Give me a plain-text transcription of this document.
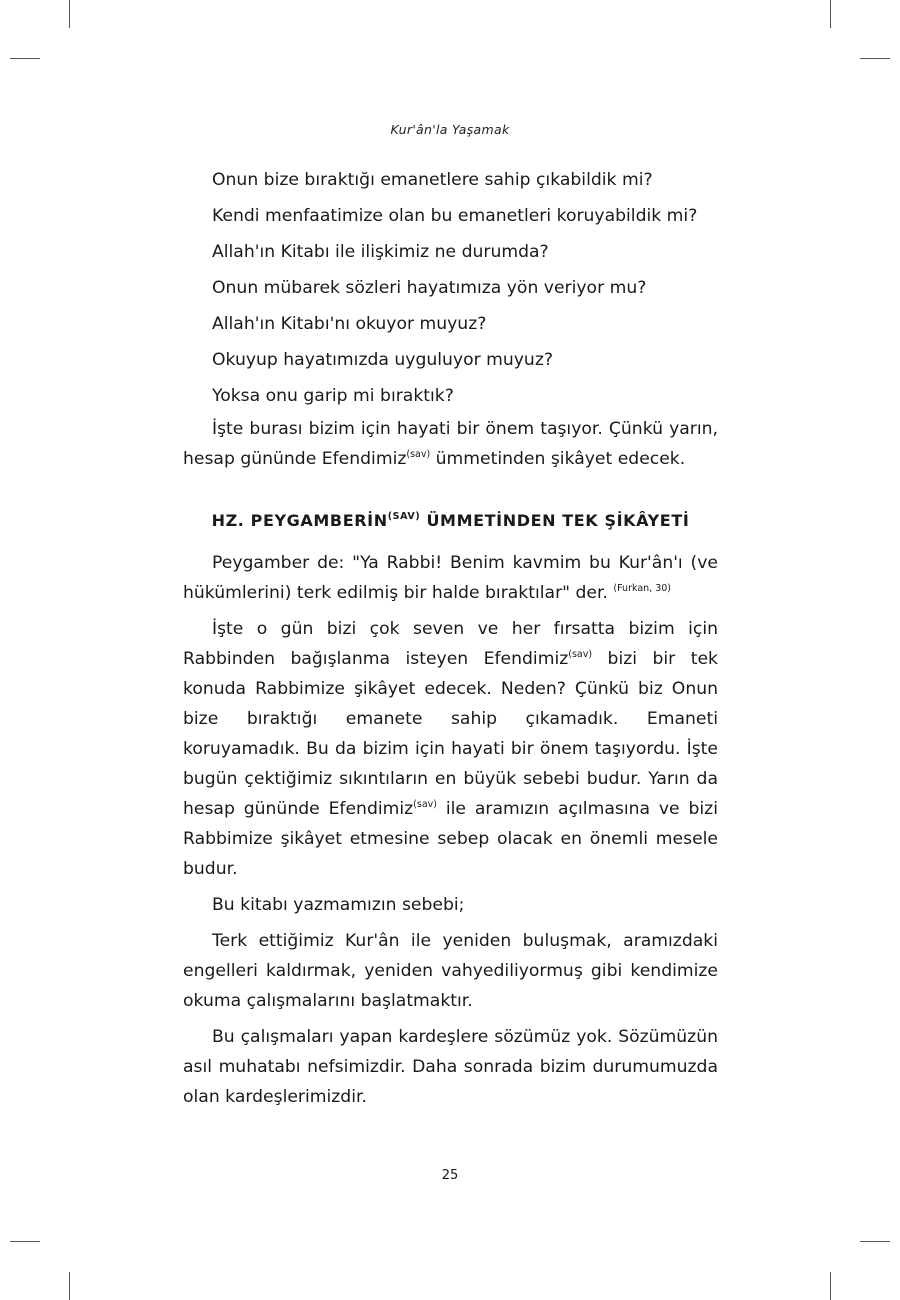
Kur'ân'la Yaşamak

Onun bize bıraktığı emanetlere sahip çıkabildik mi?

Kendi menfaatimize olan bu emanetleri koruyabildik mi?

Allah'ın Kitabı ile ilişkimiz ne durumda?

Onun mübarek sözleri hayatımıza yön veriyor mu?

Allah'ın Kitabı'nı okuyor muyuz?

Okuyup hayatımızda uyguluyor muyuz?

Yoksa onu garip mi bıraktık?

İşte burası bizim için hayati bir önem taşıyor. Çünkü yarın, hesap gününde Efendimiz$^{(sav)}$ ümmetinden şikâyet edecek.

HZ. $PEYGAMBERİN^{(SAV)}$ ÜMMETİNDEN TEK ŞİKÂYETİ

Peygamber de: "Ya Rabbi! Benim kavmim bu Kur'ân'ı (ve hükümlerini) terk edilmiş bir halde bıraktılar" der. $^{(Furkan, 30)}$

İşte o gün bizi çok seven ve her fırsatta bizim için Rabbinden bağışlanma isteyen Efendimiz$^{(sav)}$ bizi bir tek konuda Rabbimize şikâyet edecek. Neden? Çünkü biz Onun bize bıraktığı emanete sahip çıkamadık. Emaneti koruyamadık. Bu da bizim için hayati bir önem taşıyordu. İşte bugün çektiğimiz sıkıntıların en büyük sebebi budur. Yarın da hesap gününde Efendimiz$^{(sav)}$ ile aramızın açılmasına ve bizi Rabbimize şikâyet etmesine sebep olacak en önemli mesele budur.

Bu kitabı yazmamızın sebebi;

Terk ettiğimiz Kur'ân ile yeniden buluşmak, aramızdaki engelleri kaldırmak, yeniden vahyediliyormuş gibi kendimize okuma çalışmalarını başlatmaktır.

Bu çalışmaları yapan kardeşlere sözümüz yok. Sözümüzün asıl muhatabı nefsimizdir. Daha sonrada bizim durumumuzda olan kardeşlerimizdir.

25
